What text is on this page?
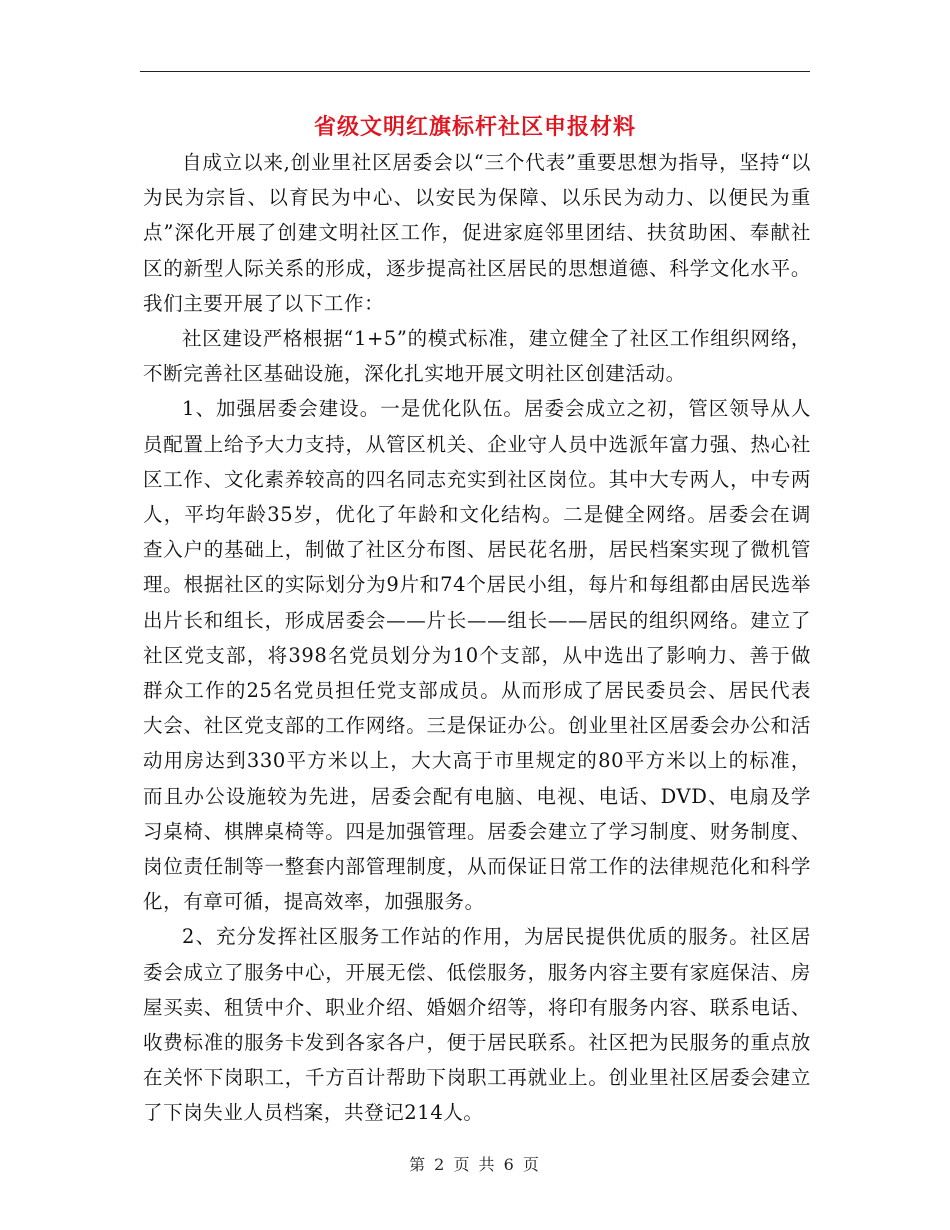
省级文明红旗标杆社区申报材料

自成立以来,创业里社区居委会以“三个代表”重要思想为指导，坚持“以为民为宗旨、以育民为中心、以安民为保障、以乐民为动力、以便民为重点”深化开展了创建文明社区工作，促进家庭邻里团结、扶贫助困、奉献社区的新型人际关系的形成，逐步提高社区居民的思想道德、科学文化水平。我们主要开展了以下工作：

社区建设严格根据“1+5”的模式标准，建立健全了社区工作组织网络，不断完善社区基础设施，深化扎实地开展文明社区创建活动。

1、加强居委会建设。一是优化队伍。居委会成立之初，管区领导从人员配置上给予大力支持，从管区机关、企业守人员中选派年富力强、热心社区工作、文化素养较高的四名同志充实到社区岗位。其中大专两人，中专两人，平均年龄35岁，优化了年龄和文化结构。二是健全网络。居委会在调查入户的基础上，制做了社区分布图、居民花名册，居民档案实现了微机管理。根据社区的实际划分为9片和74个居民小组，每片和每组都由居民选举出片长和组长，形成居委会——片长——组长——居民的组织网络。建立了社区党支部，将398名党员划分为10个支部，从中选出了影响力、善于做群众工作的25名党员担任党支部成员。从而形成了居民委员会、居民代表大会、社区党支部的工作网络。三是保证办公。创业里社区居委会办公和活动用房达到330平方米以上，大大高于市里规定的80平方米以上的标准，而且办公设施较为先进，居委会配有电脑、电视、电话、DVD、电扇及学习桌椅、棋牌桌椅等。四是加强管理。居委会建立了学习制度、财务制度、岗位责任制等一整套内部管理制度，从而保证日常工作的法律规范化和科学化，有章可循，提高效率，加强服务。

2、充分发挥社区服务工作站的作用，为居民提供优质的服务。社区居委会成立了服务中心，开展无偿、低偿服务，服务内容主要有家庭保洁、房屋买卖、租赁中介、职业介绍、婚姻介绍等，将印有服务内容、联系电话、收费标准的服务卡发到各家各户，便于居民联系。社区把为民服务的重点放在关怀下岗职工，千方百计帮助下岗职工再就业上。创业里社区居委会建立了下岗失业人员档案，共登记214人。

第 2 页 共 6 页
